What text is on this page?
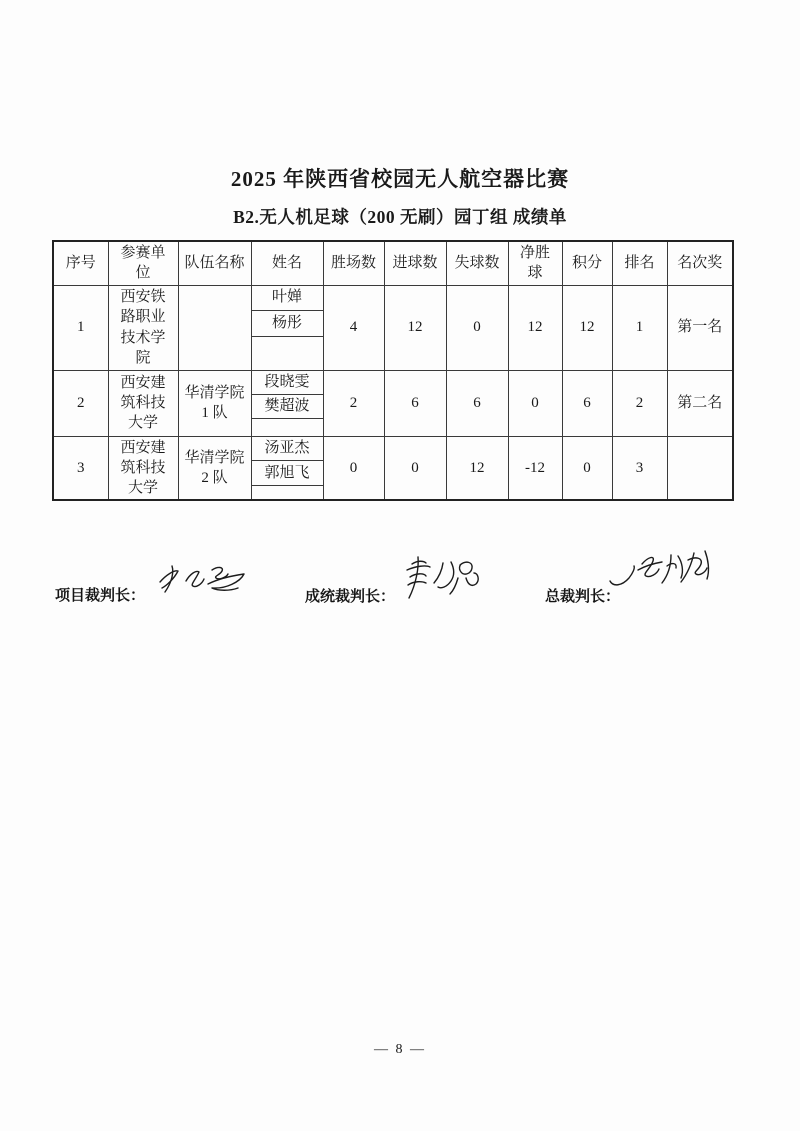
2025 年陕西省校园无人航空器比赛
B2.无人机足球（200 无刷）园丁组 成绩单
序号	参赛单位	队伍名称	姓名	胜场数	进球数	失球数	净胜球	积分	排名	名次奖
1	西安铁路职业技术学院		叶婵	4	12	0	12	12	1	第一名
			杨彤							

2	西安建筑科技大学	华清学院 1 队	段晓雯	2	6	6	0	6	2	第二名
			樊超波							

3	西安建筑科技大学	华清学院 2 队	汤亚杰	0	0	12	-12	0	3	
			郭旭飞							

项目裁判长：	成统裁判长：	总裁判长：
— 8 —
